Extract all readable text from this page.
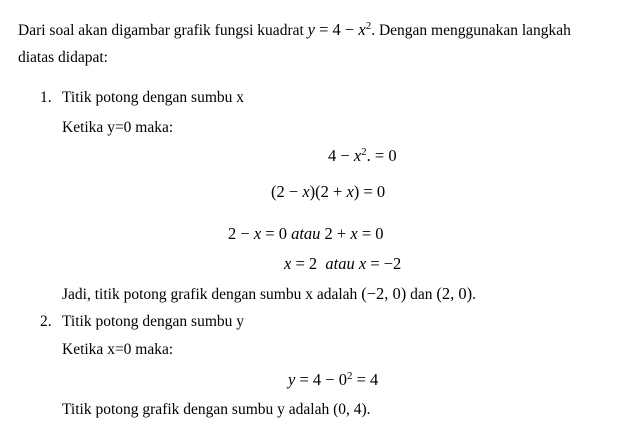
Dari soal akan digambar grafik fungsi kuadrat $y = 4 - x^2$. Dengan menggunakan langkah
diatas didapat:
1. Titik potong dengan sumbu x
Ketika y=0 maka:
$4 - x^2$. = 0
(2 − x)(2 + x) = 0
2 − x = 0 atau 2 + x = 0
x = 2  atau x = −2
Jadi, titik potong grafik dengan sumbu x adalah (−2, 0) dan (2, 0).
2. Titik potong dengan sumbu y
Ketika x=0 maka:
$y = 4 - 0^2 = 4$
Titik potong grafik dengan sumbu y adalah (0, 4).
